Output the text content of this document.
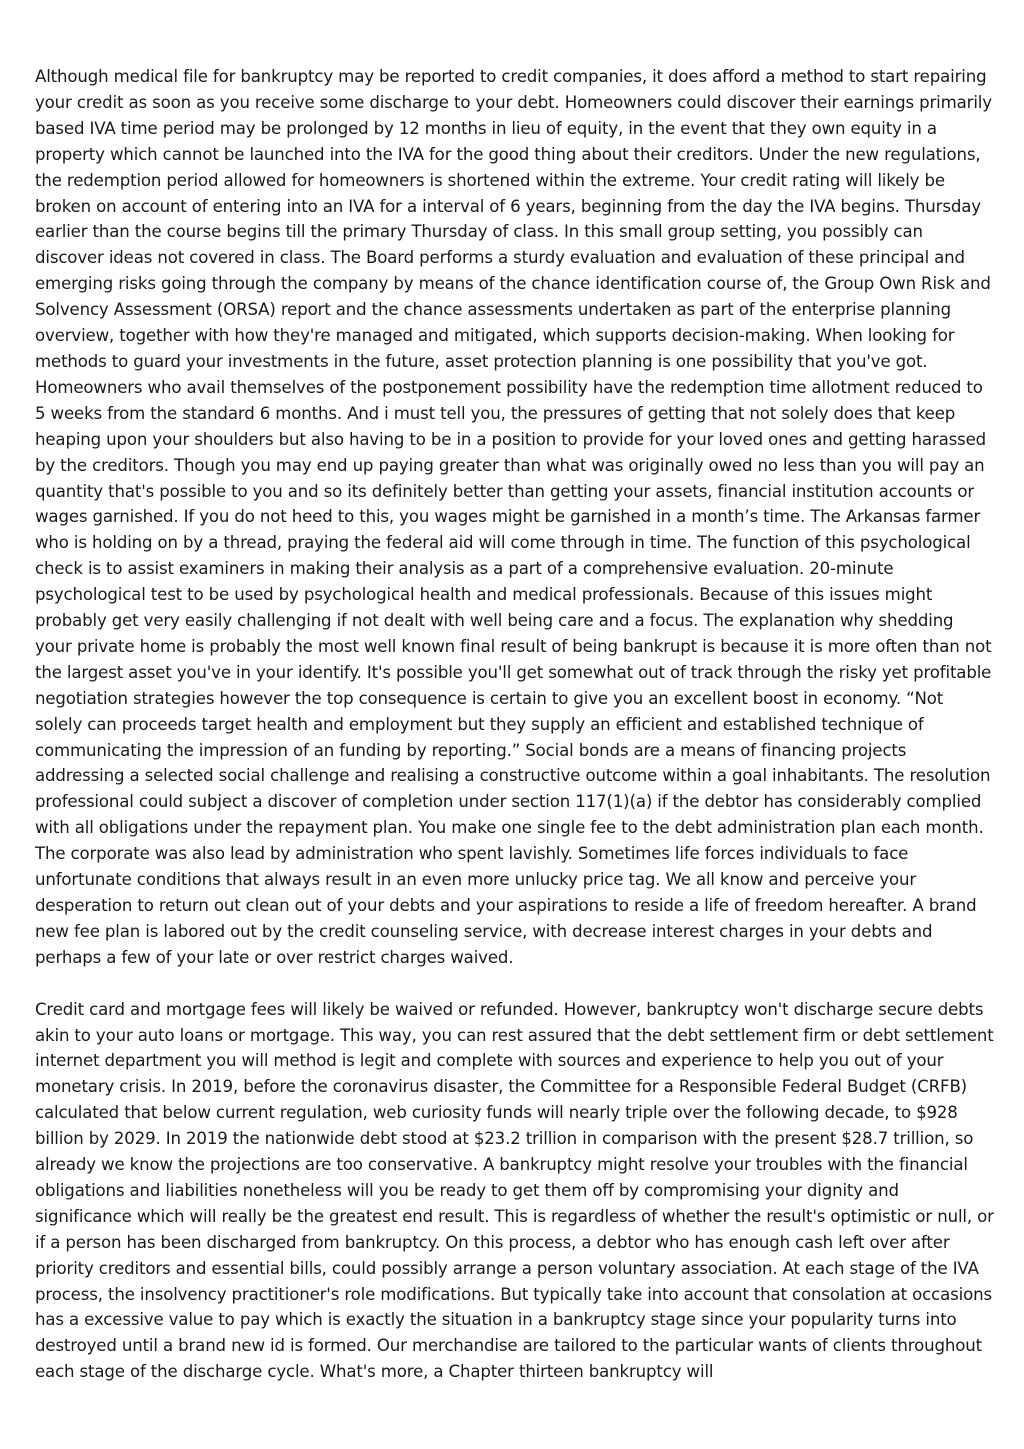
Although medical file for bankruptcy may be reported to credit companies, it does afford a method to start repairing your credit as soon as you receive some discharge to your debt. Homeowners could discover their earnings primarily based IVA time period may be prolonged by 12 months in lieu of equity, in the event that they own equity in a property which cannot be launched into the IVA for the good thing about their creditors. Under the new regulations, the redemption period allowed for homeowners is shortened within the extreme. Your credit rating will likely be broken on account of entering into an IVA for a interval of 6 years, beginning from the day the IVA begins. Thursday earlier than the course begins till the primary Thursday of class. In this small group setting, you possibly can discover ideas not covered in class. The Board performs a sturdy evaluation and evaluation of these principal and emerging risks going through the company by means of the chance identification course of, the Group Own Risk and Solvency Assessment (ORSA) report and the chance assessments undertaken as part of the enterprise planning overview, together with how they're managed and mitigated, which supports decision-making. When looking for methods to guard your investments in the future, asset protection planning is one possibility that you've got. Homeowners who avail themselves of the postponement possibility have the redemption time allotment reduced to 5 weeks from the standard 6 months. And i must tell you, the pressures of getting that not solely does that keep heaping upon your shoulders but also having to be in a position to provide for your loved ones and getting harassed by the creditors. Though you may end up paying greater than what was originally owed no less than you will pay an quantity that's possible to you and so its definitely better than getting your assets, financial institution accounts or wages garnished. If you do not heed to this, you wages might be garnished in a month’s time. The Arkansas farmer who is holding on by a thread, praying the federal aid will come through in time. The function of this psychological check is to assist examiners in making their analysis as a part of a comprehensive evaluation. 20-minute psychological test to be used by psychological health and medical professionals. Because of this issues might probably get very easily challenging if not dealt with well being care and a focus. The explanation why shedding your private home is probably the most well known final result of being bankrupt is because it is more often than not the largest asset you've in your identify. It's possible you'll get somewhat out of track through the risky yet profitable negotiation strategies however the top consequence is certain to give you an excellent boost in economy. “Not solely can proceeds target health and employment but they supply an efficient and established technique of communicating the impression of an funding by reporting.” Social bonds are a means of financing projects addressing a selected social challenge and realising a constructive outcome within a goal inhabitants. The resolution professional could subject a discover of completion under section 117(1)(a) if the debtor has considerably complied with all obligations under the repayment plan. You make one single fee to the debt administration plan each month. The corporate was also lead by administration who spent lavishly. Sometimes life forces individuals to face unfortunate conditions that always result in an even more unlucky price tag. We all know and perceive your desperation to return out clean out of your debts and your aspirations to reside a life of freedom hereafter. A brand new fee plan is labored out by the credit counseling service, with decrease interest charges in your debts and perhaps a few of your late or over restrict charges waived.

Credit card and mortgage fees will likely be waived or refunded. However, bankruptcy won't discharge secure debts akin to your auto loans or mortgage. This way, you can rest assured that the debt settlement firm or debt settlement internet department you will method is legit and complete with sources and experience to help you out of your monetary crisis. In 2019, before the coronavirus disaster, the Committee for a Responsible Federal Budget (CRFB) calculated that below current regulation, web curiosity funds will nearly triple over the following decade, to $928 billion by 2029. In 2019 the nationwide debt stood at $23.2 trillion in comparison with the present $28.7 trillion, so already we know the projections are too conservative. A bankruptcy might resolve your troubles with the financial obligations and liabilities nonetheless will you be ready to get them off by compromising your dignity and significance which will really be the greatest end result. This is regardless of whether the result's optimistic or null, or if a person has been discharged from bankruptcy. On this process, a debtor who has enough cash left over after priority creditors and essential bills, could possibly arrange a person voluntary association. At each stage of the IVA process, the insolvency practitioner's role modifications. But typically take into account that consolation at occasions has a excessive value to pay which is exactly the situation in a bankruptcy stage since your popularity turns into destroyed until a brand new id is formed. Our merchandise are tailored to the particular wants of clients throughout each stage of the discharge cycle. What's more, a Chapter thirteen bankruptcy will
